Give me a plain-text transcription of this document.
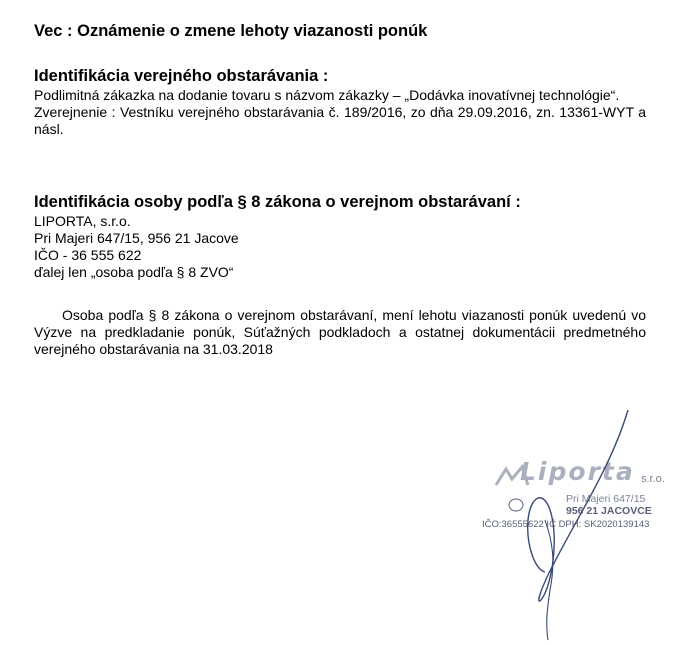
Vec : Oznámenie o zmene lehoty viazanosti ponúk

Identifikácia verejného obstarávania :

Podlimitná zákazka na dodanie tovaru s názvom zákazky – „Dodávka inovatívnej technológie“.

Zverejnenie : Vestníku verejného obstarávania č. 189/2016, zo dňa 29.09.2016, zn. 13361-WYT a násl.

Identifikácia osoby podľa § 8 zákona o verejnom obstarávaní :

LIPORTA, s.r.o.

Pri Majeri 647/15, 956 21 Jacove

IČO - 36 555 622

ďalej len „osoba podľa § 8 ZVO“

Osoba podľa § 8 zákona o verejnom obstarávaní, mení lehotu viazanosti ponúk uvedenú vo Výzve na predkladanie ponúk, Súťažných podkladoch a ostatnej dokumentácii predmetného verejného obstarávania na 31.03.2018

Liporta s.r.o.
Pri Majeri 647/15
956 21 JACOVCE
IČO:36555622 IČ DPH: SK2020139143
